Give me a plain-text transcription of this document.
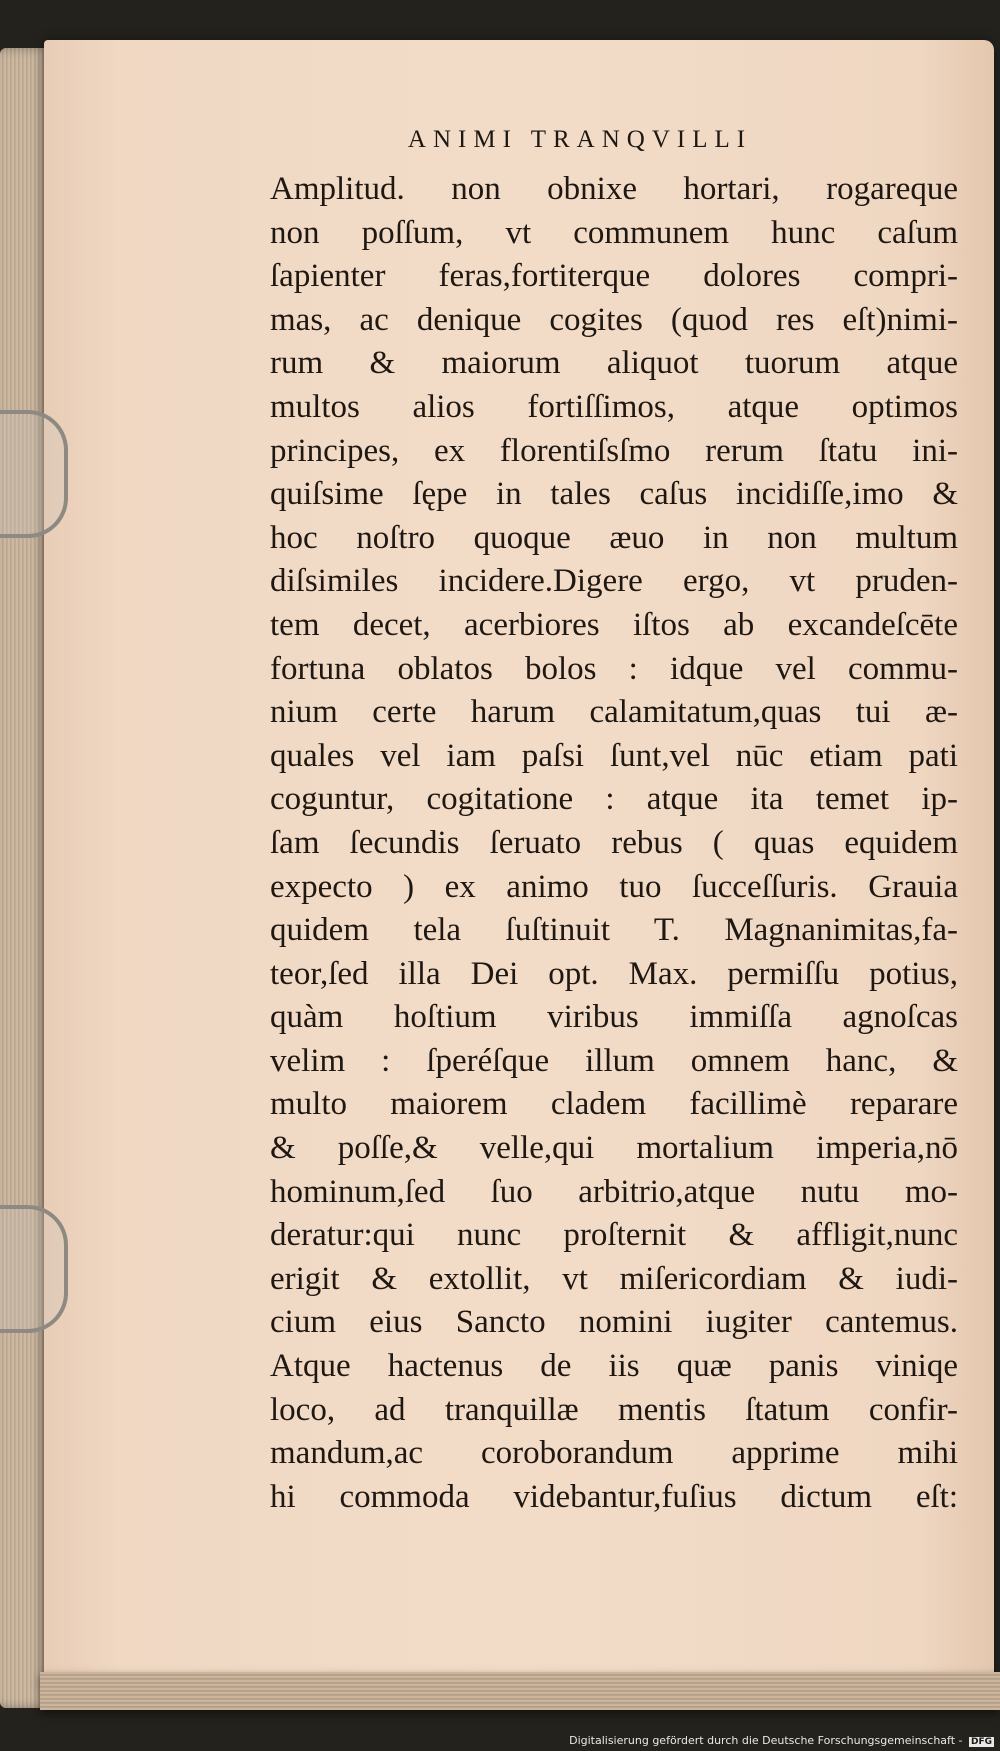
ANIMI TRANQVILLI
Amplitud. non obnixe hortari, rogareque
non poſſum, vt communem hunc caſum
ſapienter feras,fortiterque dolores compri-
mas, ac denique cogites (quod res eſt)nimi-
rum & maiorum aliquot tuorum atque
multos alios fortiſſimos, atque optimos
principes, ex florentiſsſmo rerum ſtatu ini-
quiſsime ſępe in tales caſus incidiſſe,imo &
hoc noſtro quoque æuo in non multum
diſsimiles incidere.Digere ergo, vt pruden-
tem decet, acerbiores iſtos ab excandeſcēte
fortuna oblatos bolos : idque vel commu-
nium certe harum calamitatum,quas tui æ-
quales vel iam paſsi ſunt,vel nūc etiam pati
coguntur, cogitatione : atque ita temet ip-
ſam ſecundis ſeruato rebus ( quas equidem
expecto ) ex animo tuo ſucceſſuris. Grauia
quidem tela ſuſtinuit T. Magnanimitas,fa-
teor,ſed illa Dei opt. Max. permiſſu potius,
quàm hoſtium viribus immiſſa agnoſcas
velim : ſperéſque illum omnem hanc, &
multo maiorem cladem facillimè reparare
& poſſe,& velle,qui mortalium imperia,nō
hominum,ſed ſuo arbitrio,atque nutu mo-
deratur:qui nunc proſternit & affligit,nunc
erigit & extollit, vt miſericordiam & iudi-
cium eius Sancto nomini iugiter cantemus.
Atque hactenus de iis quæ panis viniqe
loco, ad tranquillæ mentis ſtatum confir-
mandum,ac coroborandum apprime mihi
hi commoda videbantur,fuſius dictum eſt:
Digitalisierung gefördert durch die Deutsche Forschungsgemeinschaft - DFG
